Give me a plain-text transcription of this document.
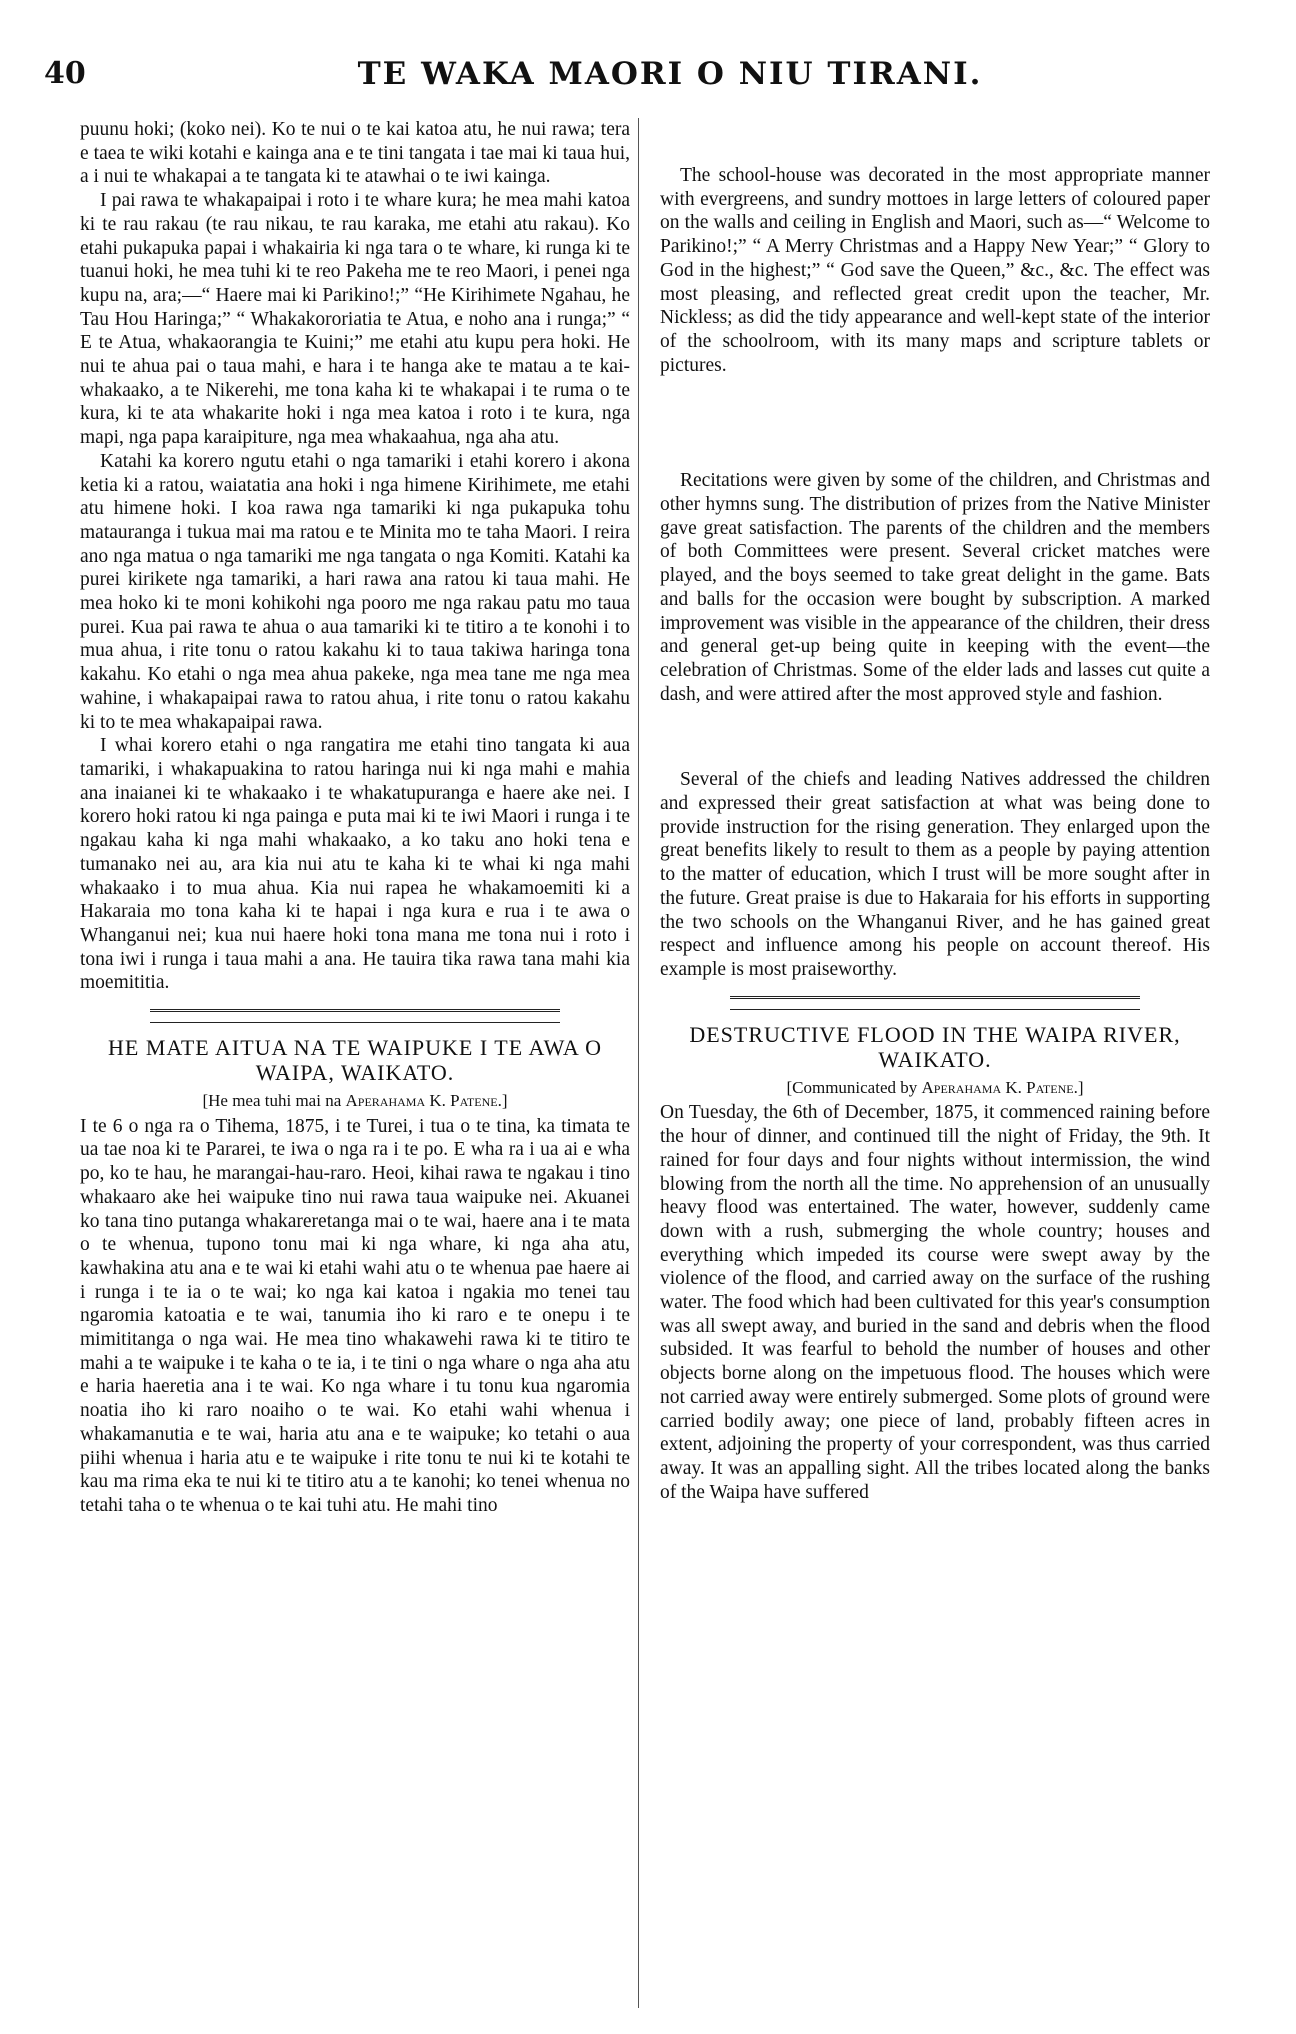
40	TE WAKA MAORI O NIU TIRANI.

puunu hoki; (koko nei). Ko te nui o te kai katoa atu, he nui rawa; tera e taea te wiki kotahi e kainga ana e te tini tangata i tae mai ki taua hui, a i nui te whakapai a te tangata ki te atawhai o te iwi kainga.

I pai rawa te whakapaipai i roto i te whare kura; he mea mahi katoa ki te rau rakau (te rau nikau, te rau karaka, me etahi atu rakau). Ko etahi pukapuka papai i whakairia ki nga tara o te whare, ki runga ki te tuanui hoki, he mea tuhi ki te reo Pakeha me te reo Maori, i penei nga kupu na, ara;—“ Haere mai ki Parikino!;” “He Kirihimete Ngahau, he Tau Hou Haringa;” “ Whakakororiatia te Atua, e noho ana i runga;” “ E te Atua, whakaorangia te Kuini;” me etahi atu kupu pera hoki. He nui te ahua pai o taua mahi, e hara i te hanga ake te matau a te kai-whakaako, a te Nikerehi, me tona kaha ki te whakapai i te ruma o te kura, ki te ata whakarite hoki i nga mea katoa i roto i te kura, nga mapi, nga papa karaipiture, nga mea whakaahua, nga aha atu.

Katahi ka korero ngutu etahi o nga tamariki i etahi korero i akona ketia ki a ratou, waiatatia ana hoki i nga himene Kirihimete, me etahi atu himene hoki. I koa rawa nga tamariki ki nga pukapuka tohu matauranga i tukua mai ma ratou e te Minita mo te taha Maori. I reira ano nga matua o nga tamariki me nga tangata o nga Komiti. Katahi ka purei kirikete nga tamariki, a hari rawa ana ratou ki taua mahi. He mea hoko ki te moni kohikohi nga pooro me nga rakau patu mo taua purei. Kua pai rawa te ahua o aua tamariki ki te titiro a te konohi i to mua ahua, i rite tonu o ratou kakahu ki to taua takiwa haringa tona kakahu. Ko etahi o nga mea ahua pakeke, nga mea tane me nga mea wahine, i whakapaipai rawa to ratou ahua, i rite tonu o ratou kakahu ki to te mea whakapaipai rawa.

I whai korero etahi o nga rangatira me etahi tino tangata ki aua tamariki, i whakapuakina to ratou haringa nui ki nga mahi e mahia ana inaianei ki te whakaako i te whakatupuranga e haere ake nei. I korero hoki ratou ki nga painga e puta mai ki te iwi Maori i runga i te ngakau kaha ki nga mahi whakaako, a ko taku ano hoki tena e tumanako nei au, ara kia nui atu te kaha ki te whai ki nga mahi whakaako i to mua ahua. Kia nui rapea he whakamoemiti ki a Hakaraia mo tona kaha ki te hapai i nga kura e rua i te awa o Whanganui nei; kua nui haere hoki tona mana me tona nui i roto i tona iwi i runga i taua mahi a ana. He tauira tika rawa tana mahi kia moemititia.

HE MATE AITUA NA TE WAIPUKE I TE AWA O WAIPA, WAIKATO.
[He mea tuhi mai na Aperahama K. Patene.]

I te 6 o nga ra o Tihema, 1875, i te Turei, i tua o te tina, ka timata te ua tae noa ki te Pararei, te iwa o nga ra i te po. E wha ra i ua ai e wha po, ko te hau, he marangai-hau-raro. Heoi, kihai rawa te ngakau i tino whakaaro ake hei waipuke tino nui rawa taua waipuke nei. Akuanei ko tana tino putanga whakareretanga mai o te wai, haere ana i te mata o te whenua, tupono tonu mai ki nga whare, ki nga aha atu, kawhakina atu ana e te wai ki etahi wahi atu o te whenua pae haere ai i runga i te ia o te wai; ko nga kai katoa i ngakia mo tenei tau ngaromia katoatia e te wai, tanumia iho ki raro e te onepu i te mimititanga o nga wai. He mea tino whakawehi rawa ki te titiro te mahi a te waipuke i te kaha o te ia, i te tini o nga whare o nga aha atu e haria haeretia ana i te wai. Ko nga whare i tu tonu kua ngaromia noatia iho ki raro noaiho o te wai. Ko etahi wahi whenua i whakamanutia e te wai, haria atu ana e te waipuke; ko tetahi o aua piihi whenua i haria atu e te waipuke i rite tonu te nui ki te kotahi te kau ma rima eka te nui ki te titiro atu a te kanohi; ko tenei whenua no tetahi taha o te whenua o te kai tuhi atu. He mahi tino

The school-house was decorated in the most appropriate manner with evergreens, and sundry mottoes in large letters of coloured paper on the walls and ceiling in English and Maori, such as—“ Welcome to Parikino!;” “ A Merry Christmas and a Happy New Year;” “ Glory to God in the highest;” “ God save the Queen,” &c., &c. The effect was most pleasing, and reflected great credit upon the teacher, Mr. Nickless; as did the tidy appearance and well-kept state of the interior of the schoolroom, with its many maps and scripture tablets or pictures.

Recitations were given by some of the children, and Christmas and other hymns sung. The distribution of prizes from the Native Minister gave great satisfaction. The parents of the children and the members of both Committees were present. Several cricket matches were played, and the boys seemed to take great delight in the game. Bats and balls for the occasion were bought by subscription. A marked improvement was visible in the appearance of the children, their dress and general get-up being quite in keeping with the event—the celebration of Christmas. Some of the elder lads and lasses cut quite a dash, and were attired after the most approved style and fashion.

Several of the chiefs and leading Natives addressed the children and expressed their great satisfaction at what was being done to provide instruction for the rising generation. They enlarged upon the great benefits likely to result to them as a people by paying attention to the matter of education, which I trust will be more sought after in the future. Great praise is due to Hakaraia for his efforts in supporting the two schools on the Whanganui River, and he has gained great respect and influence among his people on account thereof. His example is most praiseworthy.

DESTRUCTIVE FLOOD IN THE WAIPA RIVER, WAIKATO.
[Communicated by Aperahama K. Patene.]

On Tuesday, the 6th of December, 1875, it commenced raining before the hour of dinner, and continued till the night of Friday, the 9th. It rained for four days and four nights without intermission, the wind blowing from the north all the time. No apprehension of an unusually heavy flood was entertained. The water, however, suddenly came down with a rush, submerging the whole country; houses and everything which impeded its course were swept away by the violence of the flood, and carried away on the surface of the rushing water. The food which had been cultivated for this year's consumption was all swept away, and buried in the sand and debris when the flood subsided. It was fearful to behold the number of houses and other objects borne along on the impetuous flood. The houses which were not carried away were entirely submerged. Some plots of ground were carried bodily away; one piece of land, probably fifteen acres in extent, adjoining the property of your correspondent, was thus carried away. It was an appalling sight. All the tribes located along the banks of the Waipa have suffered
